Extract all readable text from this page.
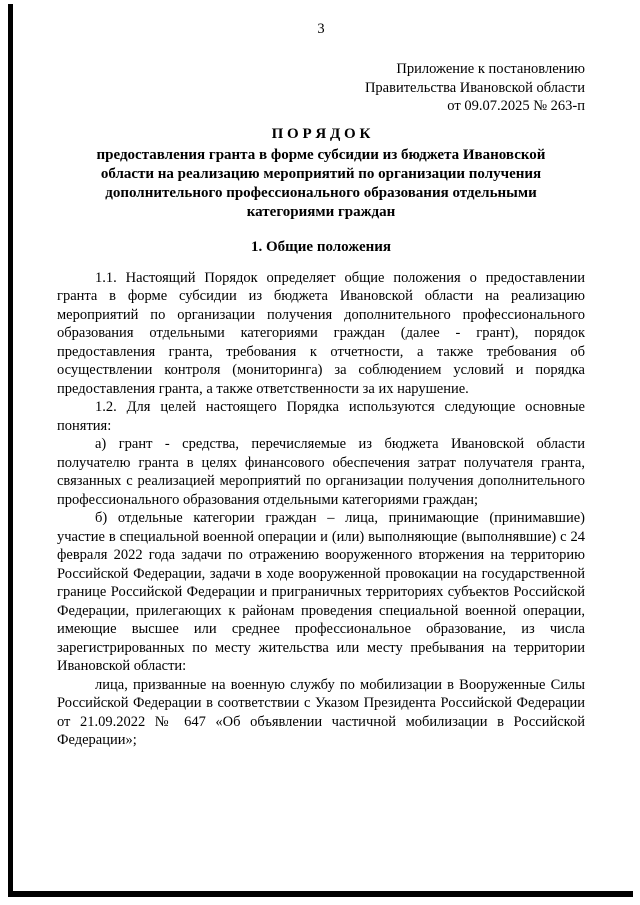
3
Приложение к постановлению
Правительства Ивановской области
от 09.07.2025 № 263-п
П О Р Я Д О К
предоставления гранта в форме субсидии из бюджета Ивановской области на реализацию мероприятий по организации получения дополнительного профессионального образования отдельными категориями граждан
1. Общие положения

1.1. Настоящий Порядок определяет общие положения о предоставлении гранта в форме субсидии из бюджета Ивановской области на реализацию мероприятий по организации получения дополнительного профессионального образования отдельными категориями граждан (далее - грант), порядок предоставления гранта, требования к отчетности, а также требования об осуществлении контроля (мониторинга) за соблюдением условий и порядка предоставления гранта, а также ответственности за их нарушение.

1.2. Для целей настоящего Порядка используются следующие основные понятия:

а) грант - средства, перечисляемые из бюджета Ивановской области получателю гранта в целях финансового обеспечения затрат получателя гранта, связанных с реализацией мероприятий по организации получения дополнительного профессионального образования отдельными категориями граждан;

б) отдельные категории граждан – лица, принимающие (принимавшие) участие в специальной военной операции и (или) выполняющие (выполнявшие) с 24 февраля 2022 года задачи по отражению вооруженного вторжения на территорию Российской Федерации, задачи в ходе вооруженной провокации на государственной границе Российской Федерации и приграничных территориях субъектов Российской Федерации, прилегающих к районам проведения специальной военной операции, имеющие высшее или среднее профессиональное образование, из числа зарегистрированных по месту жительства или месту пребывания на территории Ивановской области:

лица, призванные на военную службу по мобилизации в Вооруженные Силы Российской Федерации в соответствии с Указом Президента Российской Федерации от 21.09.2022 № 647 «Об объявлении частичной мобилизации в Российской Федерации»;
